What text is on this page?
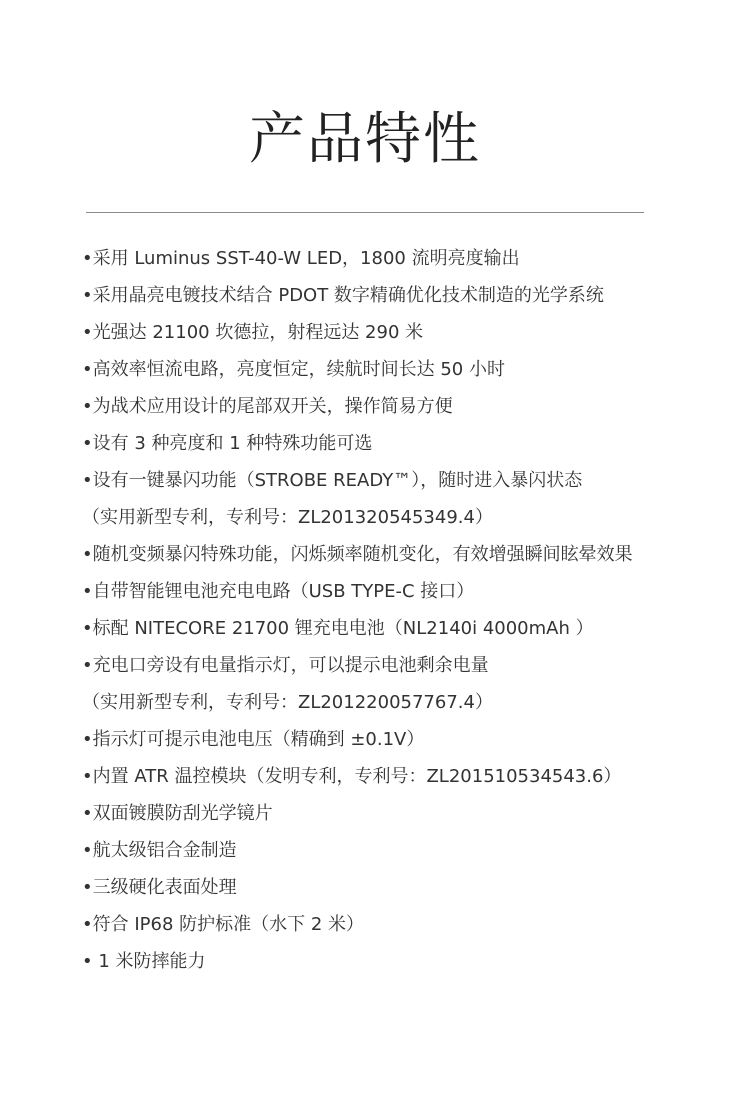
产品特性
•采用 Luminus SST-40-W LED，1800 流明亮度输出
•采用晶亮电镀技术结合 PDOT 数字精确优化技术制造的光学系统
•光强达 21100 坎德拉，射程远达 290 米
•高效率恒流电路，亮度恒定，续航时间长达 50 小时
•为战术应用设计的尾部双开关，操作简易方便
•设有 3 种亮度和 1 种特殊功能可选
•设有一键暴闪功能（STROBE READY™），随时进入暴闪状态
（实用新型专利，专利号：ZL201320545349.4）
•随机变频暴闪特殊功能，闪烁频率随机变化，有效增强瞬间眩晕效果
•自带智能锂电池充电电路（USB TYPE-C 接口）
•标配 NITECORE 21700 锂充电电池（NL2140i 4000mAh ）
•充电口旁设有电量指示灯，可以提示电池剩余电量
（实用新型专利，专利号：ZL201220057767.4）
•指示灯可提示电池电压（精确到 ±0.1V）
•内置 ATR 温控模块（发明专利，专利号：ZL201510534543.6）
•双面镀膜防刮光学镜片
•航太级铝合金制造
•三级硬化表面处理
•符合 IP68 防护标准（水下 2 米）
• 1 米防摔能力
